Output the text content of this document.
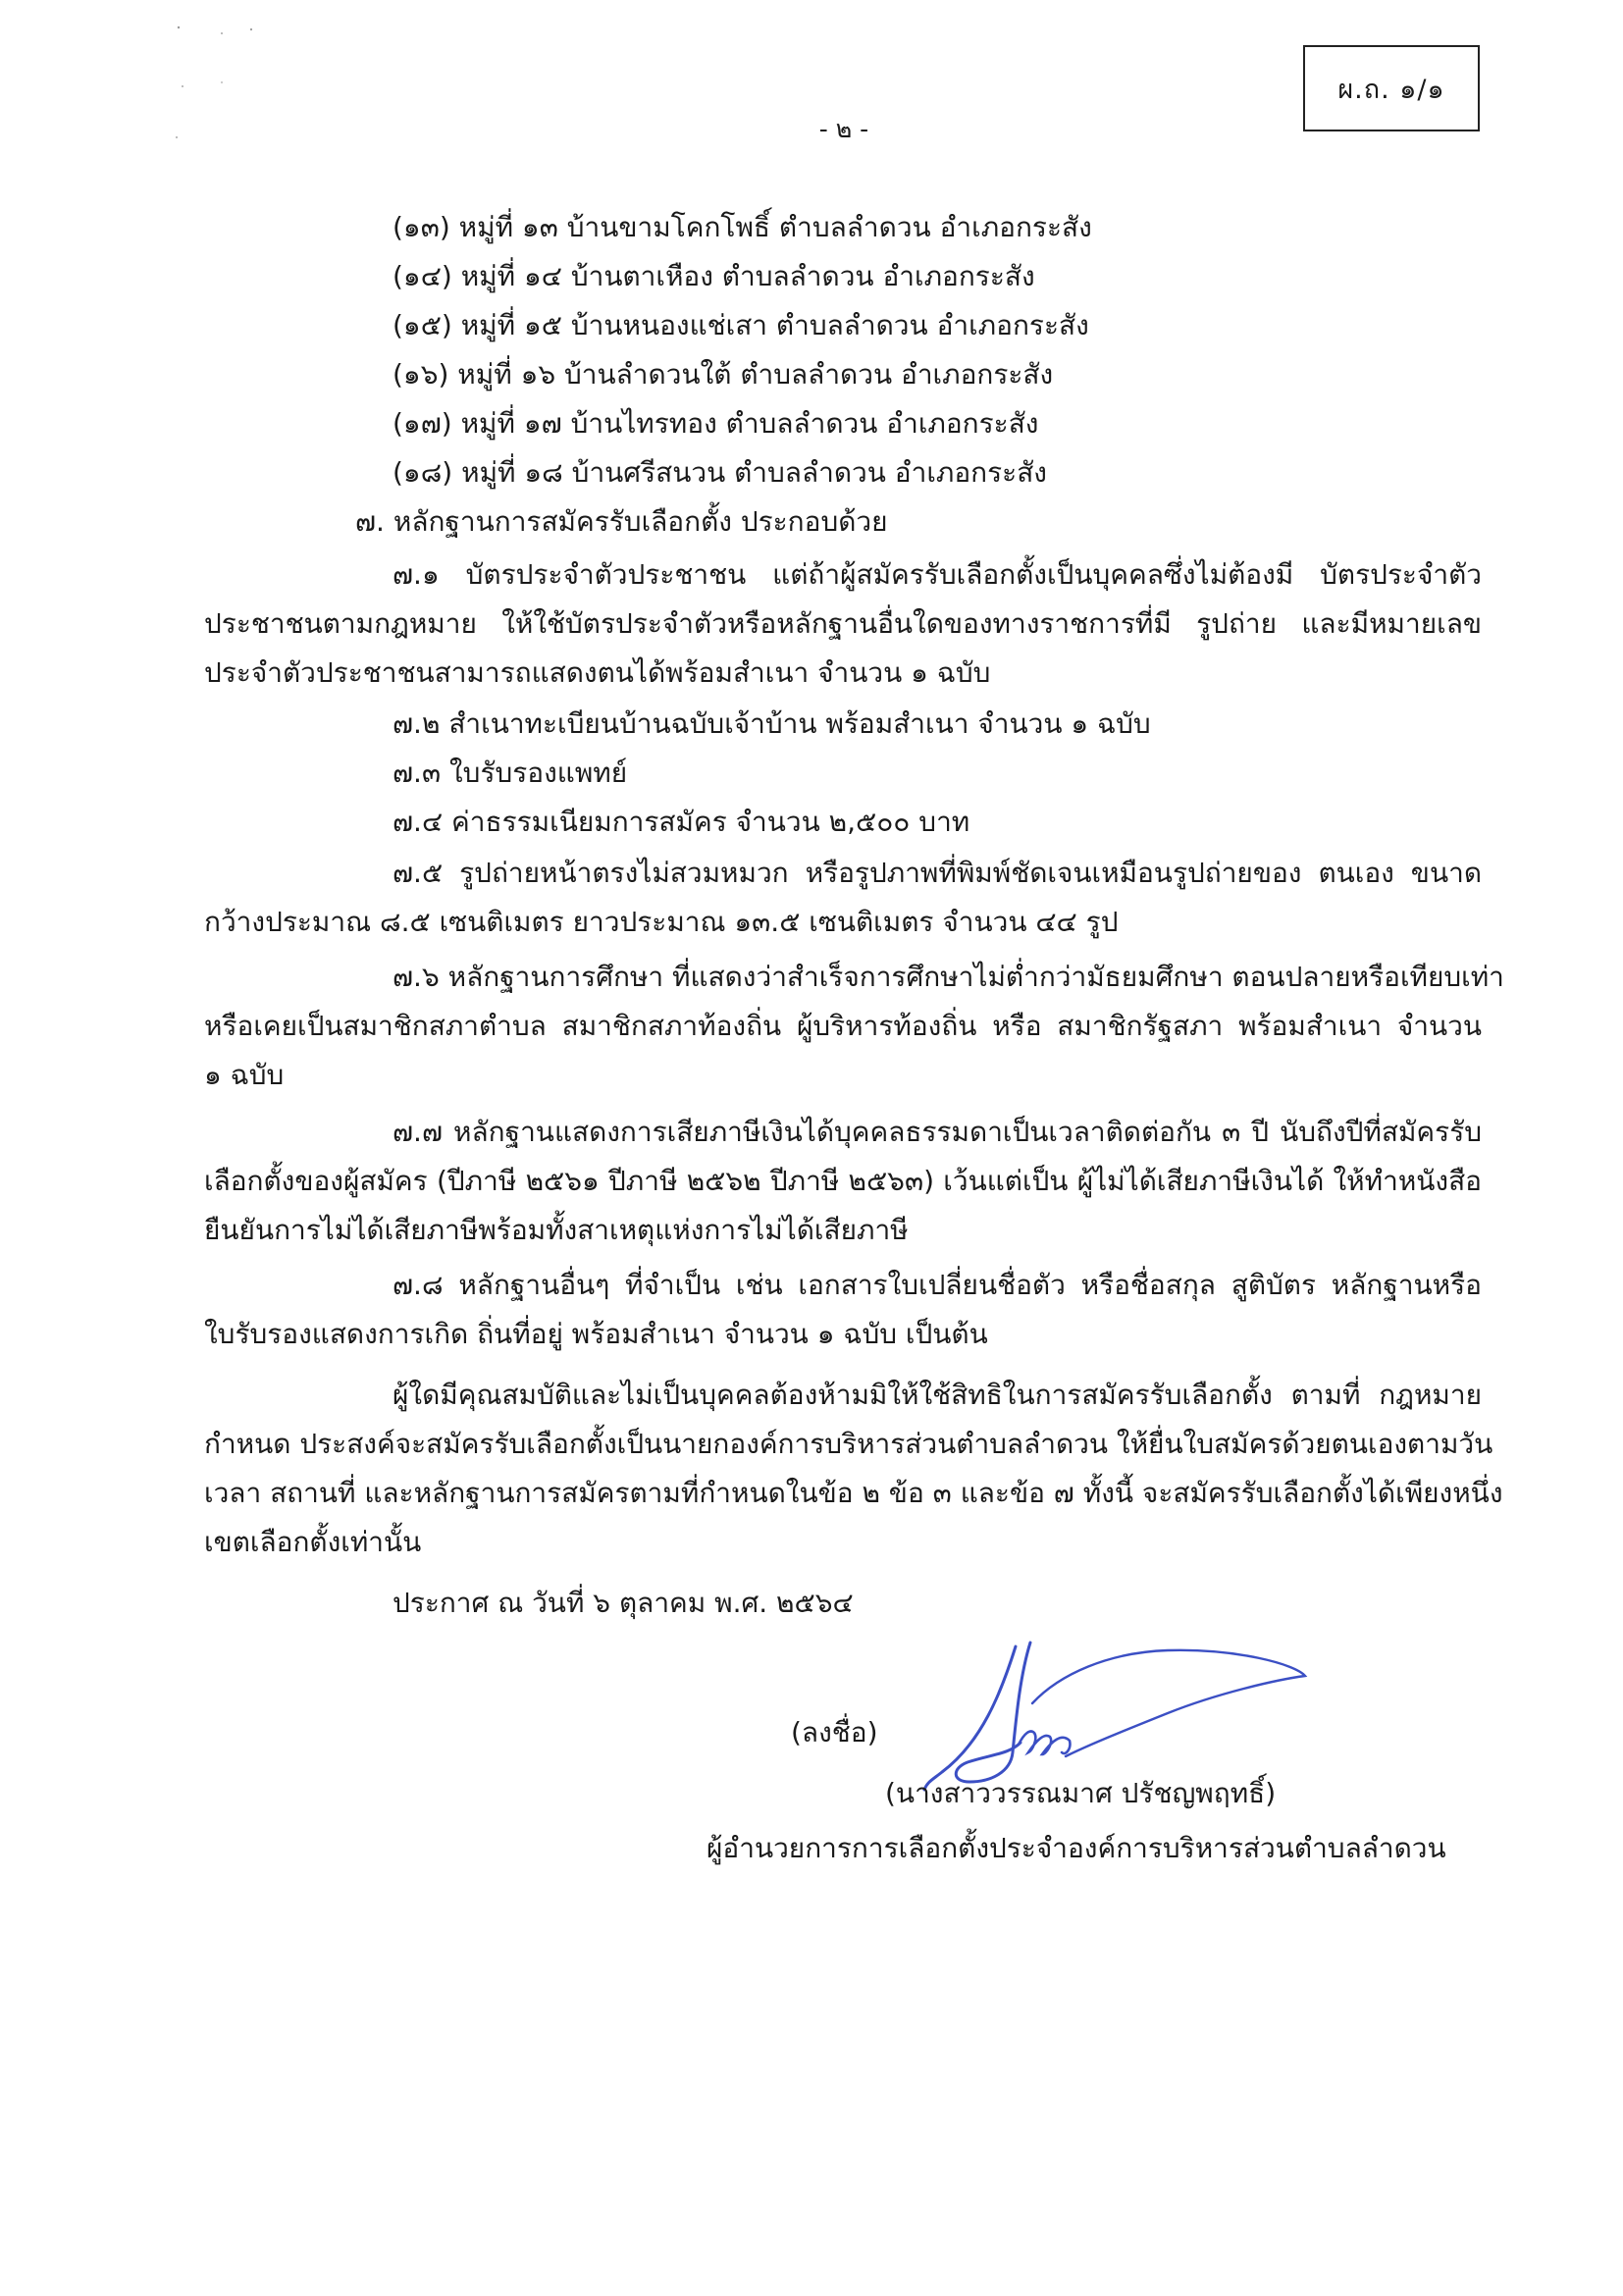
ผ.ถ. ๑/๑
- ๒ -
(๑๓) หมู่ที่ ๑๓ บ้านขามโคกโพธิ์ ตำบลลำดวน อำเภอกระสัง
(๑๔) หมู่ที่ ๑๔ บ้านตาเหือง ตำบลลำดวน อำเภอกระสัง
(๑๕) หมู่ที่ ๑๕ บ้านหนองแช่เสา ตำบลลำดวน อำเภอกระสัง
(๑๖) หมู่ที่ ๑๖ บ้านลำดวนใต้ ตำบลลำดวน อำเภอกระสัง
(๑๗) หมู่ที่ ๑๗ บ้านไทรทอง ตำบลลำดวน อำเภอกระสัง
(๑๘) หมู่ที่ ๑๘ บ้านศรีสนวน ตำบลลำดวน อำเภอกระสัง
๗. หลักฐานการสมัครรับเลือกตั้ง ประกอบด้วย
๗.๑ บัตรประจำตัวประชาชน แต่ถ้าผู้สมัครรับเลือกตั้งเป็นบุคคลซึ่งไม่ต้องมี บัตรประจำตัว
ประชาชนตามกฎหมาย ให้ใช้บัตรประจำตัวหรือหลักฐานอื่นใดของทางราชการที่มี รูปถ่าย และมีหมายเลข
ประจำตัวประชาชนสามารถแสดงตนได้พร้อมสำเนา จำนวน ๑ ฉบับ
๗.๒ สำเนาทะเบียนบ้านฉบับเจ้าบ้าน พร้อมสำเนา จำนวน ๑ ฉบับ
๗.๓ ใบรับรองแพทย์
๗.๔ ค่าธรรมเนียมการสมัคร จำนวน ๒,๕๐๐ บาท
๗.๕ รูปถ่ายหน้าตรงไม่สวมหมวก หรือรูปภาพที่พิมพ์ชัดเจนเหมือนรูปถ่ายของ ตนเอง ขนาด
กว้างประมาณ ๘.๕ เซนติเมตร ยาวประมาณ ๑๓.๕ เซนติเมตร จำนวน ๔๔ รูป
๗.๖ หลักฐานการศึกษา ที่แสดงว่าสำเร็จการศึกษาไม่ต่ำกว่ามัธยมศึกษา ตอนปลายหรือเทียบเท่า
หรือเคยเป็นสมาชิกสภาตำบล สมาชิกสภาท้องถิ่น ผู้บริหารท้องถิ่น หรือ สมาชิกรัฐสภา พร้อมสำเนา จำนวน
๑ ฉบับ
๗.๗ หลักฐานแสดงการเสียภาษีเงินได้บุคคลธรรมดาเป็นเวลาติดต่อกัน ๓ ปี นับถึงปีที่สมัครรับ
เลือกตั้งของผู้สมัคร (ปีภาษี ๒๕๖๑ ปีภาษี ๒๕๖๒ ปีภาษี ๒๕๖๓) เว้นแต่เป็น ผู้ไม่ได้เสียภาษีเงินได้ ให้ทำหนังสือ
ยืนยันการไม่ได้เสียภาษีพร้อมทั้งสาเหตุแห่งการไม่ได้เสียภาษี
๗.๘ หลักฐานอื่นๆ ที่จำเป็น เช่น เอกสารใบเปลี่ยนชื่อตัว หรือชื่อสกุล สูติบัตร หลักฐานหรือ
ใบรับรองแสดงการเกิด ถิ่นที่อยู่ พร้อมสำเนา จำนวน ๑ ฉบับ เป็นต้น
ผู้ใดมีคุณสมบัติและไม่เป็นบุคคลต้องห้ามมิให้ใช้สิทธิในการสมัครรับเลือกตั้ง ตามที่ กฎหมาย
กำหนด ประสงค์จะสมัครรับเลือกตั้งเป็นนายกองค์การบริหารส่วนตำบลลำดวน ให้ยื่นใบสมัครด้วยตนเองตามวัน
เวลา สถานที่ และหลักฐานการสมัครตามที่กำหนดในข้อ ๒ ข้อ ๓ และข้อ ๗ ทั้งนี้ จะสมัครรับเลือกตั้งได้เพียงหนึ่ง
เขตเลือกตั้งเท่านั้น
ประกาศ ณ วันที่ ๖ ตุลาคม พ.ศ. ๒๕๖๔
(ลงชื่อ)
(นางสาววรรณมาศ ปรัชญพฤทธิ์)
ผู้อำนวยการการเลือกตั้งประจำองค์การบริหารส่วนตำบลลำดวน
